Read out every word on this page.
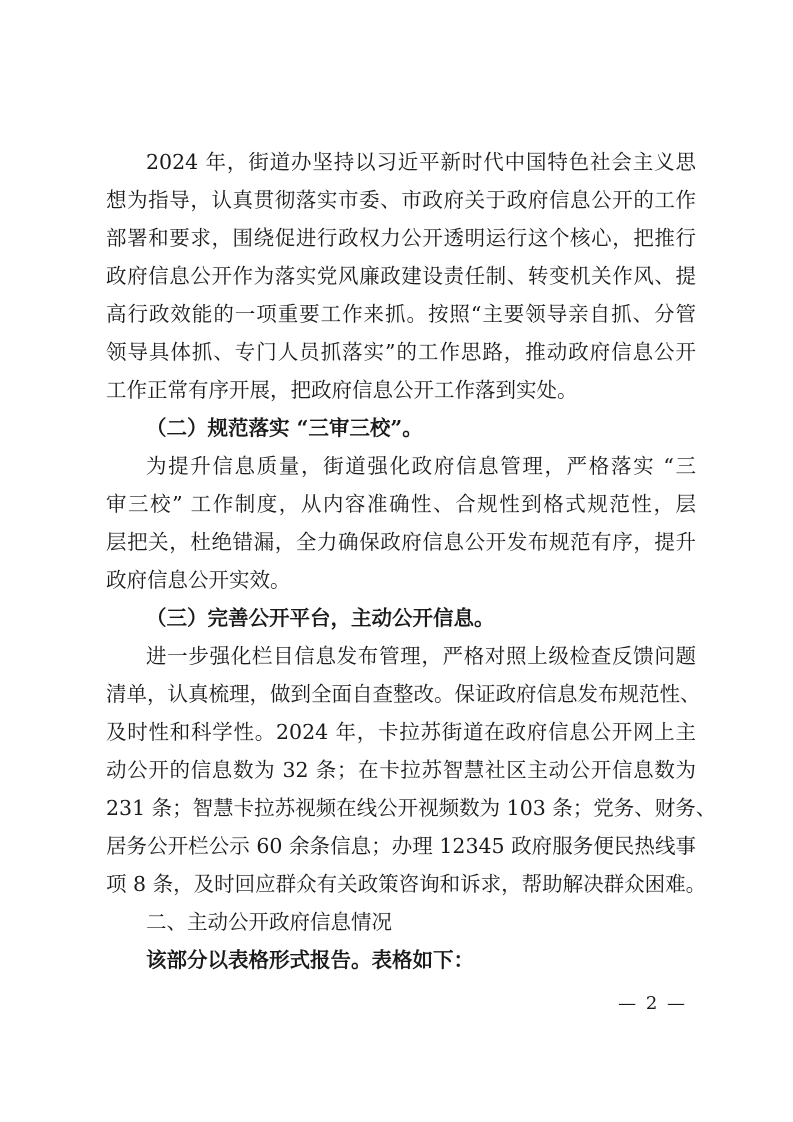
2024 年，街道办坚持以习近平新时代中国特色社会主义思
想为指导，认真贯彻落实市委、市政府关于政府信息公开的工作
部署和要求，围绕促进行政权力公开透明运行这个核心，把推行
政府信息公开作为落实党风廉政建设责任制、转变机关作风、提
高行政效能的一项重要工作来抓。按照“主要领导亲自抓、分管
领导具体抓、专门人员抓落实”的工作思路，推动政府信息公开
工作正常有序开展，把政府信息公开工作落到实处。
（二）规范落实 “三审三校”。
为提升信息质量，街道强化政府信息管理，严格落实 “三
审三校” 工作制度，从内容准确性、合规性到格式规范性，层
层把关，杜绝错漏，全力确保政府信息公开发布规范有序，提升
政府信息公开实效。
（三）完善公开平台，主动公开信息。
进一步强化栏目信息发布管理，严格对照上级检查反馈问题
清单，认真梳理，做到全面自查整改。保证政府信息发布规范性、
及时性和科学性。2024 年，卡拉苏街道在政府信息公开网上主
动公开的信息数为 32 条；在卡拉苏智慧社区主动公开信息数为
231 条；智慧卡拉苏视频在线公开视频数为 103 条；党务、财务、
居务公开栏公示 60 余条信息；办理 12345 政府服务便民热线事
项 8 条，及时回应群众有关政策咨询和诉求，帮助解决群众困难。
二、主动公开政府信息情况
该部分以表格形式报告。表格如下：
— 2 —
